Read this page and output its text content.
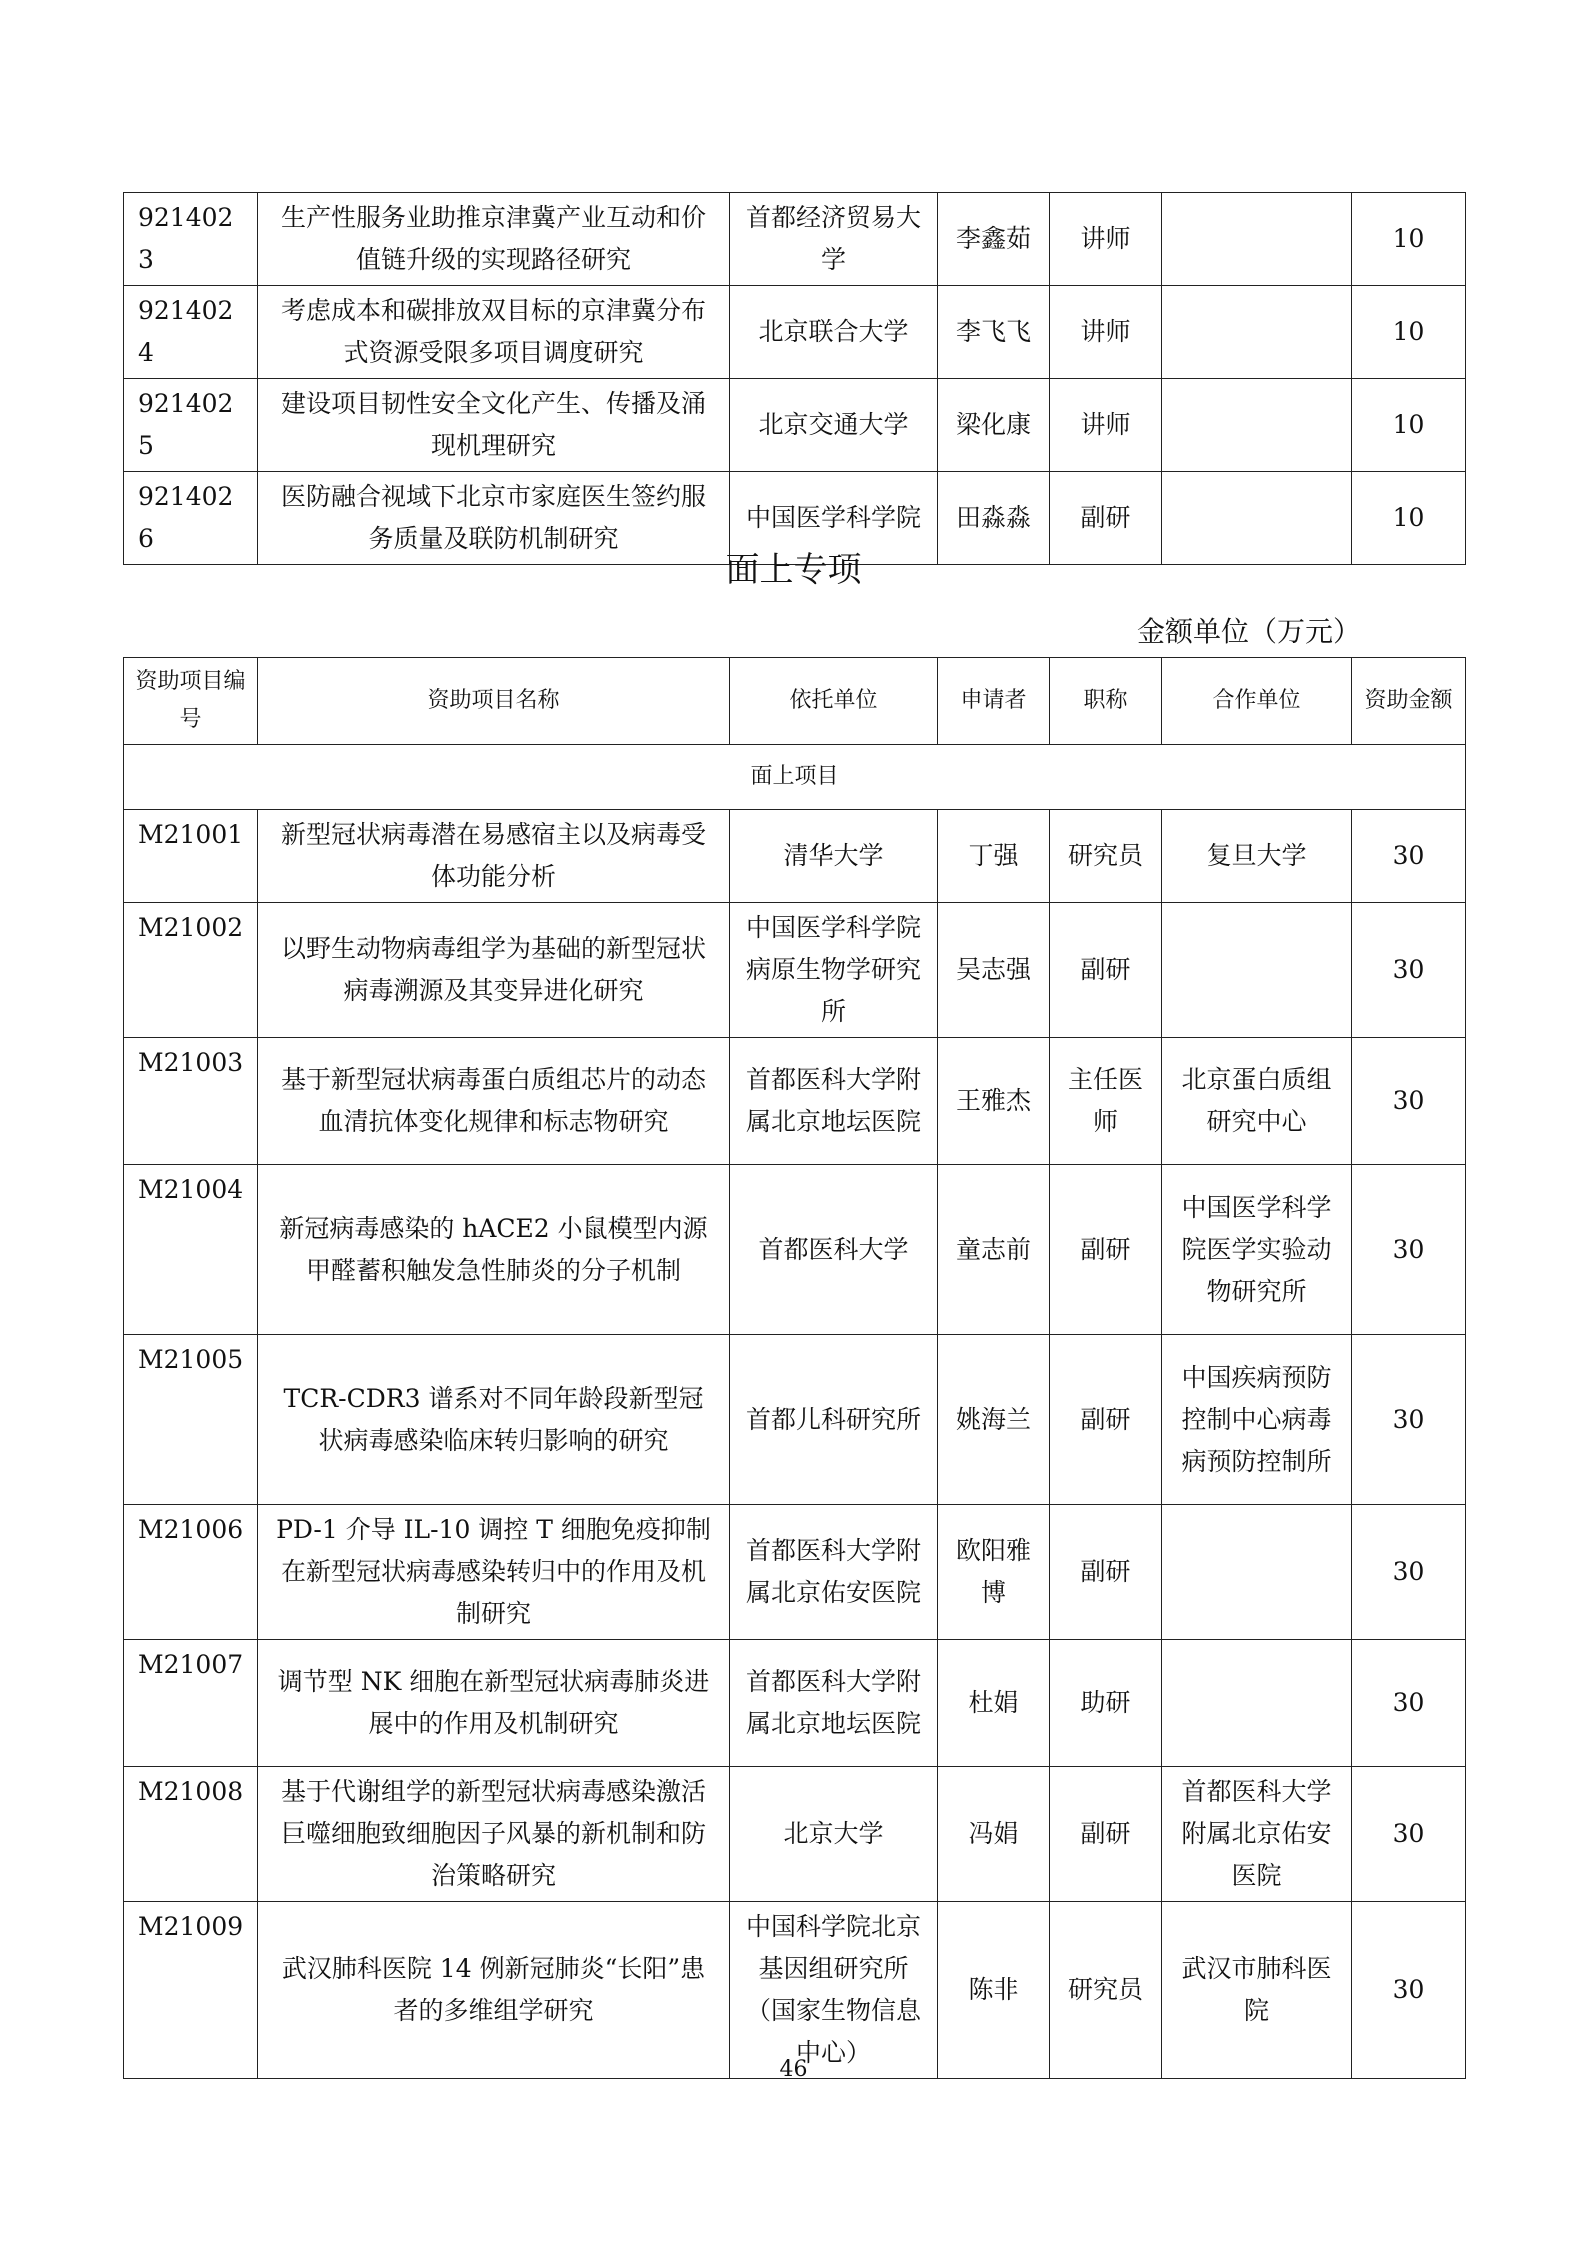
9214023	生产性服务业助推京津冀产业互动和价值链升级的实现路径研究	首都经济贸易大学	李鑫茹	讲师		10
9214024	考虑成本和碳排放双目标的京津冀分布式资源受限多项目调度研究	北京联合大学	李飞飞	讲师		10
9214025	建设项目韧性安全文化产生、传播及涌现机理研究	北京交通大学	梁化康	讲师		10
9214026	医防融合视域下北京市家庭医生签约服务质量及联防机制研究	中国医学科学院	田淼淼	副研		10
面上专项
金额单位（万元）
资助项目编号	资助项目名称	依托单位	申请者	职称	合作单位	资助金额
面上项目						
M21001	新型冠状病毒潜在易感宿主以及病毒受体功能分析	清华大学	丁强	研究员	复旦大学	30
M21002	以野生动物病毒组学为基础的新型冠状病毒溯源及其变异进化研究	中国医学科学院病原生物学研究所	吴志强	副研		30
M21003	基于新型冠状病毒蛋白质组芯片的动态血清抗体变化规律和标志物研究	首都医科大学附属北京地坛医院	王雅杰	主任医师	北京蛋白质组研究中心	30
M21004	新冠病毒感染的 hACE2 小鼠模型内源甲醛蓄积触发急性肺炎的分子机制	首都医科大学	童志前	副研	中国医学科学院医学实验动物研究所	30
M21005	TCR-CDR3 谱系对不同年龄段新型冠状病毒感染临床转归影响的研究	首都儿科研究所	姚海兰	副研	中国疾病预防控制中心病毒病预防控制所	30
M21006	PD-1 介导 IL-10 调控 T 细胞免疫抑制在新型冠状病毒感染转归中的作用及机制研究	首都医科大学附属北京佑安医院	欧阳雅博	副研		30
M21007	调节型 NK 细胞在新型冠状病毒肺炎进展中的作用及机制研究	首都医科大学附属北京地坛医院	杜娟	助研		30
M21008	基于代谢组学的新型冠状病毒感染激活巨噬细胞致细胞因子风暴的新机制和防治策略研究	北京大学	冯娟	副研	首都医科大学附属北京佑安医院	30
M21009	武汉肺科医院 14 例新冠肺炎“长阳”患者的多维组学研究	中国科学院北京基因组研究所（国家生物信息中心）	陈非	研究员	武汉市肺科医院	30
46
